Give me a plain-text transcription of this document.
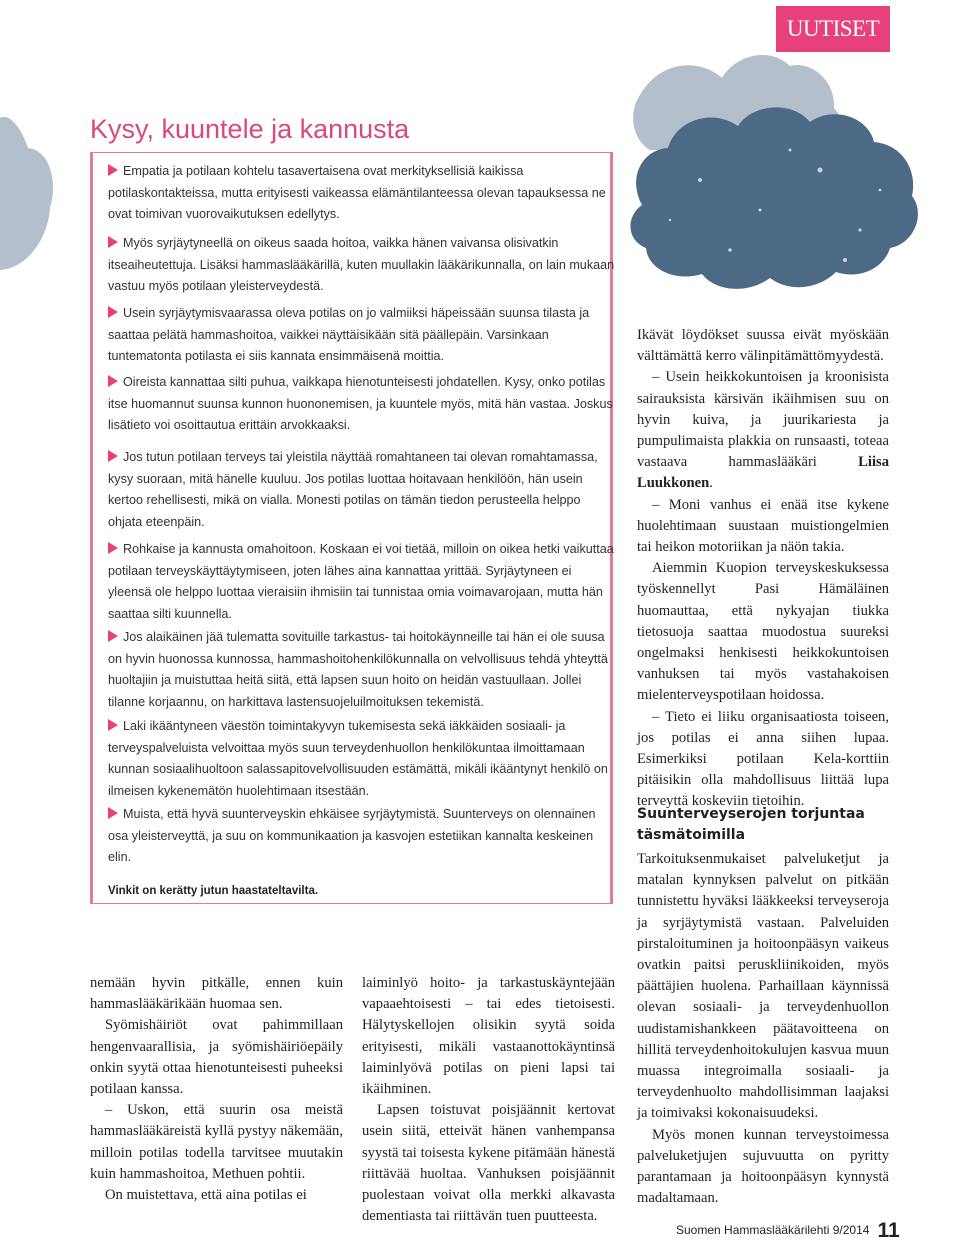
UUTISET
Kysy, kuuntele ja kannusta

Empatia ja potilaan kohtelu tasavertaisena ovat merkityksellisiä kaikissa potilaskontakteissa, mutta erityisesti vaikeassa elämäntilanteessa olevan tapauksessa ne ovat toimivan vuorovaikutuksen edellytys.

Myös syrjäytyneellä on oikeus saada hoitoa, vaikka hänen vaivansa olisivatkin itseaiheutettuja. Lisäksi hammaslääkärillä, kuten muullakin lääkärikunnalla, on lain mukaan vastuu myös potilaan yleisterveydestä.

Usein syrjäytymisvaarassa oleva potilas on jo valmiiksi häpeissään suunsa tilasta ja saattaa pelätä hammashoitoa, vaikkei näyttäisikään sitä päällepäin. Varsinkaan tuntematonta potilasta ei siis kannata ensimmäisenä moittia.

Oireista kannattaa silti puhua, vaikkapa hienotunteisesti johdatellen. Kysy, onko potilas itse huomannut suunsa kunnon huononemisen, ja kuuntele myös, mitä hän vastaa. Joskus lisätieto voi osoittautua erittäin arvokkaaksi.

Jos tutun potilaan terveys tai yleistila näyttää romahtaneen tai olevan romahtamassa, kysy suoraan, mitä hänelle kuuluu. Jos potilas luottaa hoitavaan henkilöön, hän usein kertoo rehellisesti, mikä on vialla. Monesti potilas on tämän tiedon perusteella helppo ohjata eteenpäin.

Rohkaise ja kannusta omahoitoon. Koskaan ei voi tietää, milloin on oikea hetki vaikuttaa potilaan terveyskäyttäytymiseen, joten lähes aina kannattaa yrittää. Syrjäytyneen ei yleensä ole helppo luottaa vieraisiin ihmisiin tai tunnistaa omia voimavarojaan, mutta hän saattaa silti kuunnella.

Jos alaikäinen jää tulematta sovituille tarkastus- tai hoitokäynneille tai hän ei ole suusa on hyvin huonossa kunnossa, hammashoitohenkilökunnalla on velvollisuus tehdä yhteyttä huoltajiin ja muistuttaa heitä siitä, että lapsen suun hoito on heidän vastuullaan. Jollei tilanne korjaannu, on harkittava lastensuojeluilmoituksen tekemistä.

Laki ikääntyneen väestön toimintakyvyn tukemisesta sekä iäkkäiden sosiaali- ja terveyspalveluista velvoittaa myös suun terveydenhuollon henkilökuntaa ilmoittamaan kunnan sosiaalihuoltoon salassapitovelvollisuuden estämättä, mikäli ikääntynyt henkilö on ilmeisen kykenemätön huolehtimaan itsestään.

Muista, että hyvä suunterveyskin ehkäisee syrjäytymistä. Suunterveys on olennainen osa yleisterveyttä, ja suu on kommunikaation ja kasvojen estetiikan kannalta keskeinen elin.

Vinkit on kerätty jutun haastateltavilta.

nemään hyvin pitkälle, ennen kuin hammaslääkärikään huomaa sen.

Syömishäiriöt ovat pahimmillaan hengenvaarallisia, ja syömishäiriöepäily onkin syytä ottaa hienotunteisesti puheeksi potilaan kanssa.

– Uskon, että suurin osa meistä hammaslääkäreistä kyllä pystyy näkemään, milloin potilas todella tarvitsee muutakin kuin hammashoitoa, Methuen pohtii.

On muistettava, että aina potilas ei

laiminlyö hoito- ja tarkastuskäyntejään vapaaehtoisesti – tai edes tietoisesti. Hälytyskellojen olisikin syytä soida erityisesti, mikäli vastaanottokäyntinsä laiminlyövä potilas on pieni lapsi tai ikäihminen.

Lapsen toistuvat poisjäännit kertovat usein siitä, etteivät hänen vanhempansa syystä tai toisesta kykene pitämään hänestä riittävää huoltaa. Vanhuksen poisjäännit puolestaan voivat olla merkki alkavasta dementiasta tai riittävän tuen puutteesta.

Ikävät löydökset suussa eivät myöskään välttämättä kerro välinpitämättömyydestä.

– Usein heikkokuntoisen ja kroonisista sairauksista kärsivän ikäihmisen suu on hyvin kuiva, ja juurikariesta ja pumpulimaista plakkia on runsaasti, toteaa vastaava hammaslääkäri Liisa Luukkonen.

– Moni vanhus ei enää itse kykene huolehtimaan suustaan muistiongelmien tai heikon motoriikan ja näön takia.

Aiemmin Kuopion terveyskeskuksessa työskennellyt Pasi Hämäläinen huomauttaa, että nykyajan tiukka tietosuoja saattaa muodostua suureksi ongelmaksi henkisesti heikkokuntoisen vanhuksen tai myös vastahakoisen mielenterveyspotilaan hoidossa.

– Tieto ei liiku organisaatiosta toiseen, jos potilas ei anna siihen lupaa. Esimerkiksi potilaan Kela-korttiin pitäisikin olla mahdollisuus liittää lupa terveyttä koskeviin tietoihin.

Suunterveyserojen torjuntaa täsmätoimilla

Tarkoituksenmukaiset palveluketjut ja matalan kynnyksen palvelut on pitkään tunnistettu hyväksi lääkkeeksi terveyseroja ja syrjäytymistä vastaan. Palveluiden pirstaloituminen ja hoitoonpääsyn vaikeus ovatkin paitsi peruskliinikoiden, myös päättäjien huolena. Parhaillaan käynnissä olevan sosiaali- ja terveydenhuollon uudistamishankkeen päätavoitteena on hillitä terveydenhoitokulujen kasvua muun muassa integroimalla sosiaali- ja terveydenhuolto mahdollisimman laajaksi ja toimivaksi kokonaisuudeksi.

Myös monen kunnan terveystoimessa palveluketjujen sujuvuutta on pyritty parantamaan ja hoitoonpääsyn kynnystä madaltamaan.

Suomen Hammaslääkärilehti 9/2014 11
